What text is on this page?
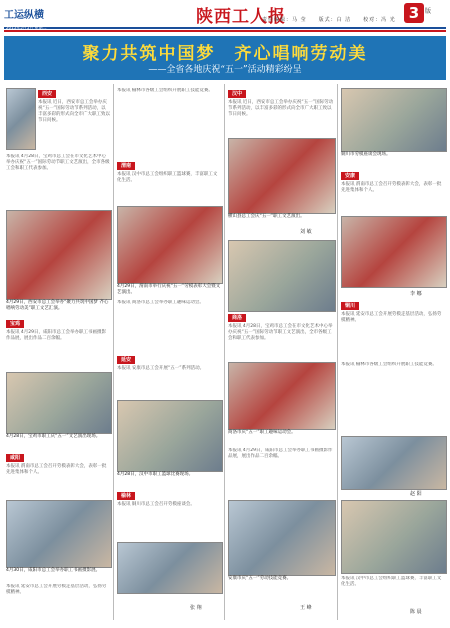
工运纵横	陕西工人报	3 版
责任编辑：马 莹　　版式：白 洁　　校对：冯 光
2015年5月5日 星期二
聚力共筑中国梦　齐心唱响劳动美
——全省各地庆祝“五一”活动精彩纷呈
西安

本报讯 近日，西安市总工会举办庆祝“五一”国际劳动节系列活动，以丰富多彩的形式向全市广大职工致以节日问候。

本报讯 4月28日，宝鸡市总工会在市文化艺术中心举办庆祝“五一”国际劳动节职工文艺演出，全市各级工会和职工代表参加。

4月29日，西安市总工会举办“聚力共筑中国梦 齐心唱响劳动美”职工文艺汇演。
宝鸡

本报讯 4月29日，咸阳市总工会举办职工书画摄影作品展，展出作品二百余幅。

4月28日，宝鸡市职工庆“五一”文艺演出现场。
咸阳

本报讯 渭南市总工会召开劳模表彰大会，表彰一批先进集体和个人。

4月30日，咸阳市总工会举办职工书画摄影展。

本报讯 延安市总工会开展劳模走基层活动，弘扬劳模精神。

本报讯 榆林市各级工会组织开展职工技能竞赛。

渭南

本报讯 汉中市总工会组织职工篮球赛，丰富职工文化生活。

4月29日，渭南市举行庆祝“五一”劳模表彰大会暨文艺演出。

本报讯 商洛市总工会举办职工趣味运动会。

延安

本报讯 安康市总工会开展“五一”系列活动。

4月28日，汉中市职工篮球比赛现场。
榆林

本报讯 铜川市总工会召开劳模座谈会。

张 翔
汉中

本报讯 近日，西安市总工会举办庆祝“五一”国际劳动节系列活动，以丰富多彩的形式向全市广大职工致以节日问候。

横山县总工会庆“五一”职工文艺演出。
刘 敏
商洛

本报讯 4月28日，宝鸡市总工会在市文化艺术中心举办庆祝“五一”国际劳动节职工文艺演出，全市各级工会和职工代表参加。

商洛市庆“五一”职工趣味运动会。

本报讯 4月29日，咸阳市总工会举办职工书画摄影作品展，展出作品二百余幅。

安康市庆“五一”劳动技能竞赛。
王 峰
铜川市劳模座谈会现场。
安康

本报讯 渭南市总工会召开劳模表彰大会，表彰一批先进集体和个人。

李 娜
铜川

本报讯 延安市总工会开展劳模走基层活动，弘扬劳模精神。

本报讯 榆林市各级工会组织开展职工技能竞赛。

赵 阳

本报讯 汉中市总工会组织职工篮球赛，丰富职工文化生活。

陈 晨
